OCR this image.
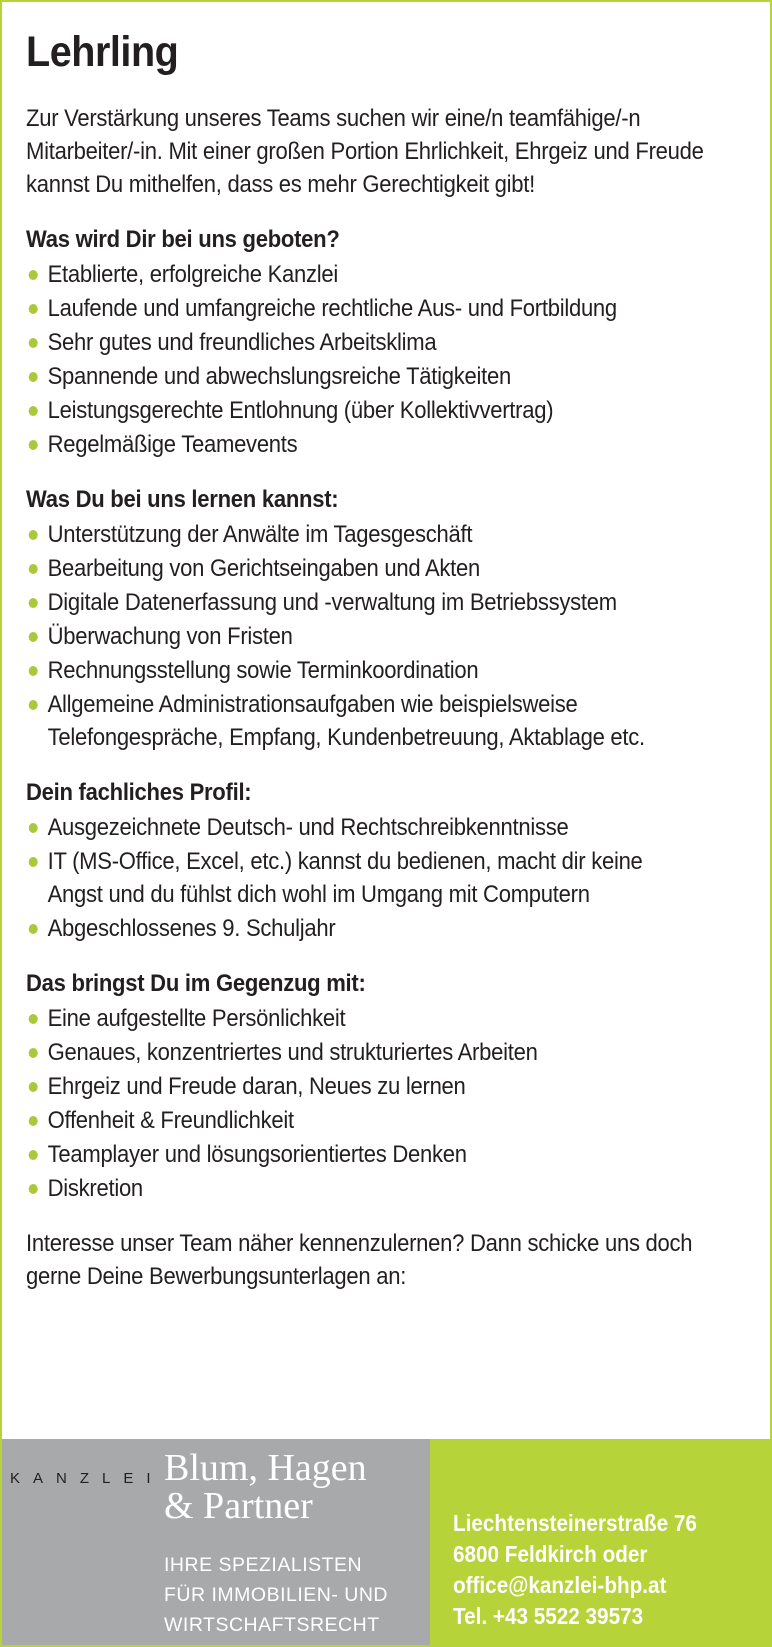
Lehrling

Zur Verstärkung unseres Teams suchen wir eine/n teamfähige/-n Mitarbeiter/-in. Mit einer großen Portion Ehrlichkeit, Ehrgeiz und Freude kannst Du mithelfen, dass es mehr Gerechtigkeit gibt!

Was wird Dir bei uns geboten?
Etablierte, erfolgreiche Kanzlei
Laufende und umfangreiche rechtliche Aus- und Fortbildung
Sehr gutes und freundliches Arbeitsklima
Spannende und abwechslungsreiche Tätigkeiten
Leistungsgerechte Entlohnung (über Kollektivvertrag)
Regelmäßige Teamevents
Was Du bei uns lernen kannst:
Unterstützung der Anwälte im Tagesgeschäft
Bearbeitung von Gerichtseingaben und Akten
Digitale Datenerfassung und -verwaltung im Betriebssystem
Überwachung von Fristen
Rechnungsstellung sowie Terminkoordination
Allgemeine Administrationsaufgaben wie beispielsweise Telefongespräche, Empfang, Kundenbetreuung, Aktablage etc.
Dein fachliches Profil:
Ausgezeichnete Deutsch- und Rechtschreibkenntnisse
IT (MS-Office, Excel, etc.) kannst du bedienen, macht dir keine Angst und du fühlst dich wohl im Umgang mit Computern
Abgeschlossenes 9. Schuljahr
Das bringst Du im Gegenzug mit:
Eine aufgestellte Persönlichkeit
Genaues, konzentriertes und strukturiertes Arbeiten
Ehrgeiz und Freude daran, Neues zu lernen
Offenheit & Freundlichkeit
Teamplayer und lösungsorientiertes Denken
Diskretion

Interesse unser Team näher kennenzulernen? Dann schicke uns doch gerne Deine Bewerbungsunterlagen an:

KANZLEI Blum, Hagen
& Partner
IHRE SPEZIALISTEN
FÜR IMMOBILIEN- UND
WIRTSCHAFTSRECHT
Liechtensteinerstraße 76
6800 Feldkirch oder
office@kanzlei-bhp.at
Tel. +43 5522 39573
